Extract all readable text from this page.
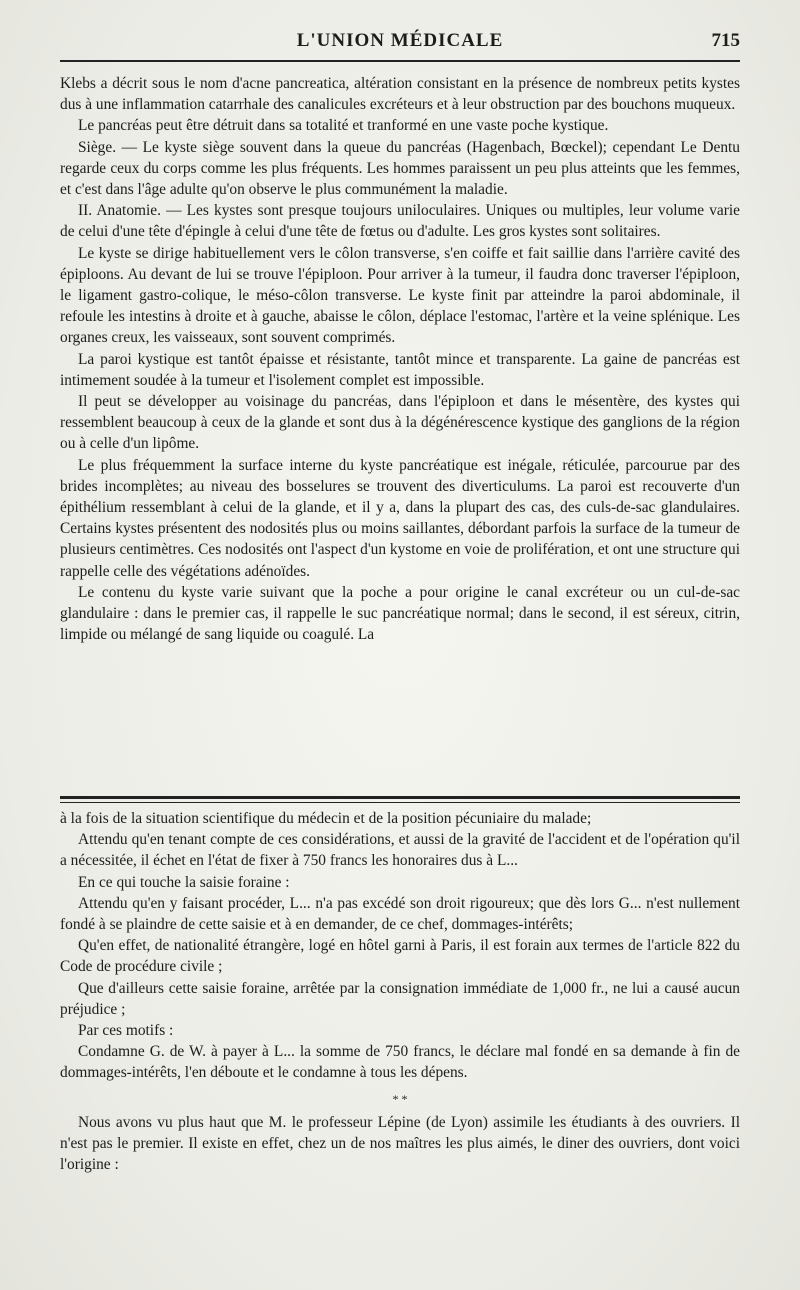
L'UNION MÉDICALE	715

Klebs a décrit sous le nom d'acne pancreatica, altération consistant en la présence de nombreux petits kystes dus à une inflammation catarrhale des canalicules excréteurs et à leur obstruction par des bouchons muqueux.

Le pancréas peut être détruit dans sa totalité et tranformé en une vaste poche kystique.

Siège. — Le kyste siège souvent dans la queue du pancréas (Hagenbach, Bœckel); cependant Le Dentu regarde ceux du corps comme les plus fréquents. Les hommes paraissent un peu plus atteints que les femmes, et c'est dans l'âge adulte qu'on observe le plus communément la maladie.

II. Anatomie. — Les kystes sont presque toujours uniloculaires. Uniques ou multiples, leur volume varie de celui d'une tête d'épingle à celui d'une tête de fœtus ou d'adulte. Les gros kystes sont solitaires.

Le kyste se dirige habituellement vers le côlon transverse, s'en coiffe et fait saillie dans l'arrière cavité des épiploons. Au devant de lui se trouve l'épiploon. Pour arriver à la tumeur, il faudra donc traverser l'épiploon, le ligament gastro-colique, le méso-côlon transverse. Le kyste finit par atteindre la paroi abdominale, il refoule les intestins à droite et à gauche, abaisse le côlon, déplace l'estomac, l'artère et la veine splénique. Les organes creux, les vaisseaux, sont souvent comprimés.

La paroi kystique est tantôt épaisse et résistante, tantôt mince et transparente. La gaine de pancréas est intimement soudée à la tumeur et l'isolement complet est impossible.

Il peut se développer au voisinage du pancréas, dans l'épiploon et dans le mésentère, des kystes qui ressemblent beaucoup à ceux de la glande et sont dus à la dégénérescence kystique des ganglions de la région ou à celle d'un lipôme.

Le plus fréquemment la surface interne du kyste pancréatique est inégale, réticulée, parcourue par des brides incomplètes; au niveau des bosselures se trouvent des diverticulums. La paroi est recouverte d'un épithélium ressemblant à celui de la glande, et il y a, dans la plupart des cas, des culs-de-sac glandulaires. Certains kystes présentent des nodosités plus ou moins saillantes, débordant parfois la surface de la tumeur de plusieurs centimètres. Ces nodosités ont l'aspect d'un kystome en voie de prolifération, et ont une structure qui rappelle celle des végétations adénoïdes.

Le contenu du kyste varie suivant que la poche a pour origine le canal excréteur ou un cul-de-sac glandulaire : dans le premier cas, il rappelle le suc pancréatique normal; dans le second, il est séreux, citrin, limpide ou mélangé de sang liquide ou coagulé. La

à la fois de la situation scientifique du médecin et de la position pécuniaire du malade;

Attendu qu'en tenant compte de ces considérations, et aussi de la gravité de l'accident et de l'opération qu'il a nécessitée, il échet en l'état de fixer à 750 francs les honoraires dus à L...

En ce qui touche la saisie foraine :

Attendu qu'en y faisant procéder, L... n'a pas excédé son droit rigoureux; que dès lors G... n'est nullement fondé à se plaindre de cette saisie et à en demander, de ce chef, dommages-intérêts;

Qu'en effet, de nationalité étrangère, logé en hôtel garni à Paris, il est forain aux termes de l'article 822 du Code de procédure civile ;

Que d'ailleurs cette saisie foraine, arrêtée par la consignation immédiate de 1,000 fr., ne lui a causé aucun préjudice ;

Par ces motifs :

Condamne G. de W. à payer à L... la somme de 750 francs, le déclare mal fondé en sa demande à fin de dommages-intérêts, l'en déboute et le condamne à tous les dépens.

* *

Nous avons vu plus haut que M. le professeur Lépine (de Lyon) assimile les étudiants à des ouvriers. Il n'est pas le premier. Il existe en effet, chez un de nos maîtres les plus aimés, le diner des ouvriers, dont voici l'origine :
